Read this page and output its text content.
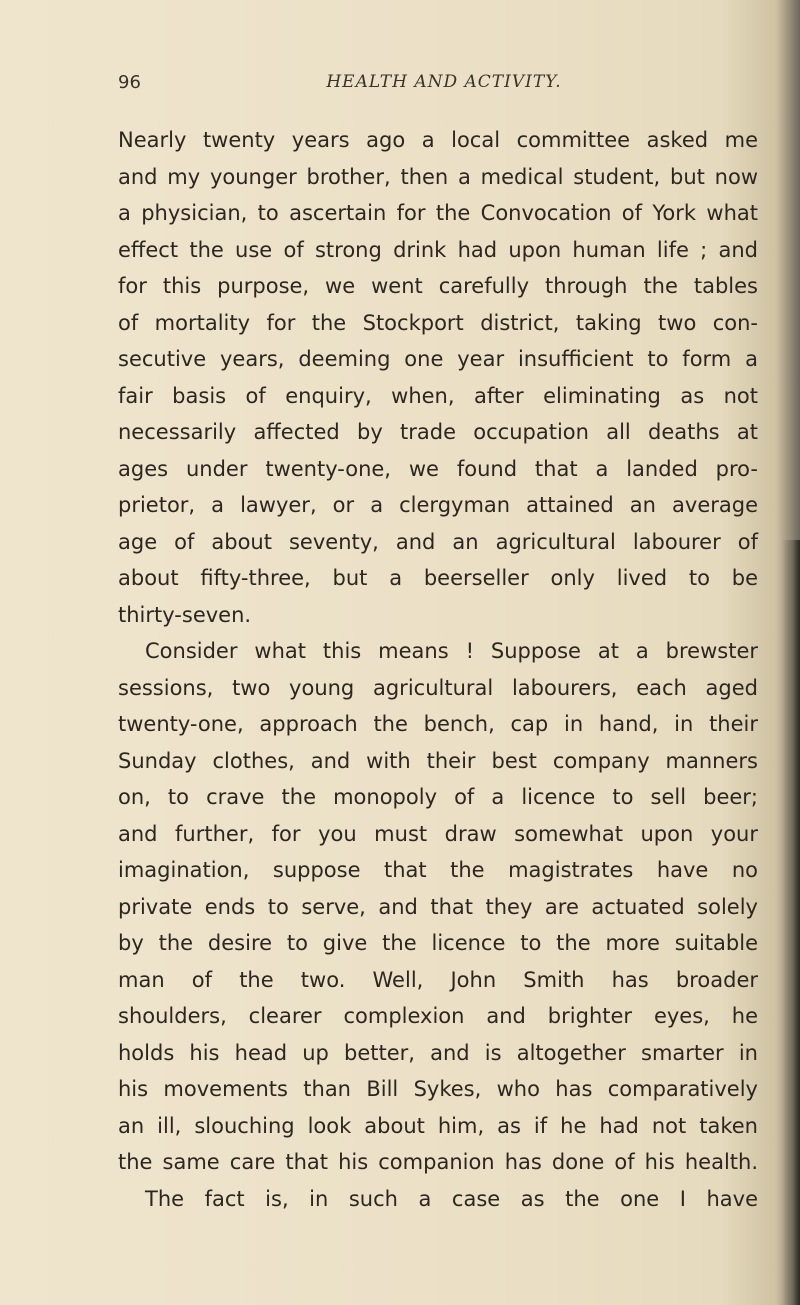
96	HEALTH AND ACTIVITY.
Nearly twenty years ago a local committee asked me
and my younger brother, then a medical student, but now
a physician, to ascertain for the Convocation of York what
effect the use of strong drink had upon human life ; and
for this purpose, we went carefully through the tables
of mortality for the Stockport district, taking two con-
secutive years, deeming one year insufficient to form a
fair basis of enquiry, when, after eliminating as not
necessarily affected by trade occupation all deaths at
ages under twenty-one, we found that a landed pro-
prietor, a lawyer, or a clergyman attained an average
age of about seventy, and an agricultural labourer of
about fifty-three, but a beerseller only lived to be
thirty-seven.
Consider what this means ! Suppose at a brewster
sessions, two young agricultural labourers, each aged
twenty-one, approach the bench, cap in hand, in their
Sunday clothes, and with their best company manners
on, to crave the monopoly of a licence to sell beer;
and further, for you must draw somewhat upon your
imagination, suppose that the magistrates have no
private ends to serve, and that they are actuated solely
by the desire to give the licence to the more suitable
man of the two. Well, John Smith has broader
shoulders, clearer complexion and brighter eyes, he
holds his head up better, and is altogether smarter in
his movements than Bill Sykes, who has comparatively
an ill, slouching look about him, as if he had not taken
the same care that his companion has done of his health.
The fact is, in such a case as the one I have
